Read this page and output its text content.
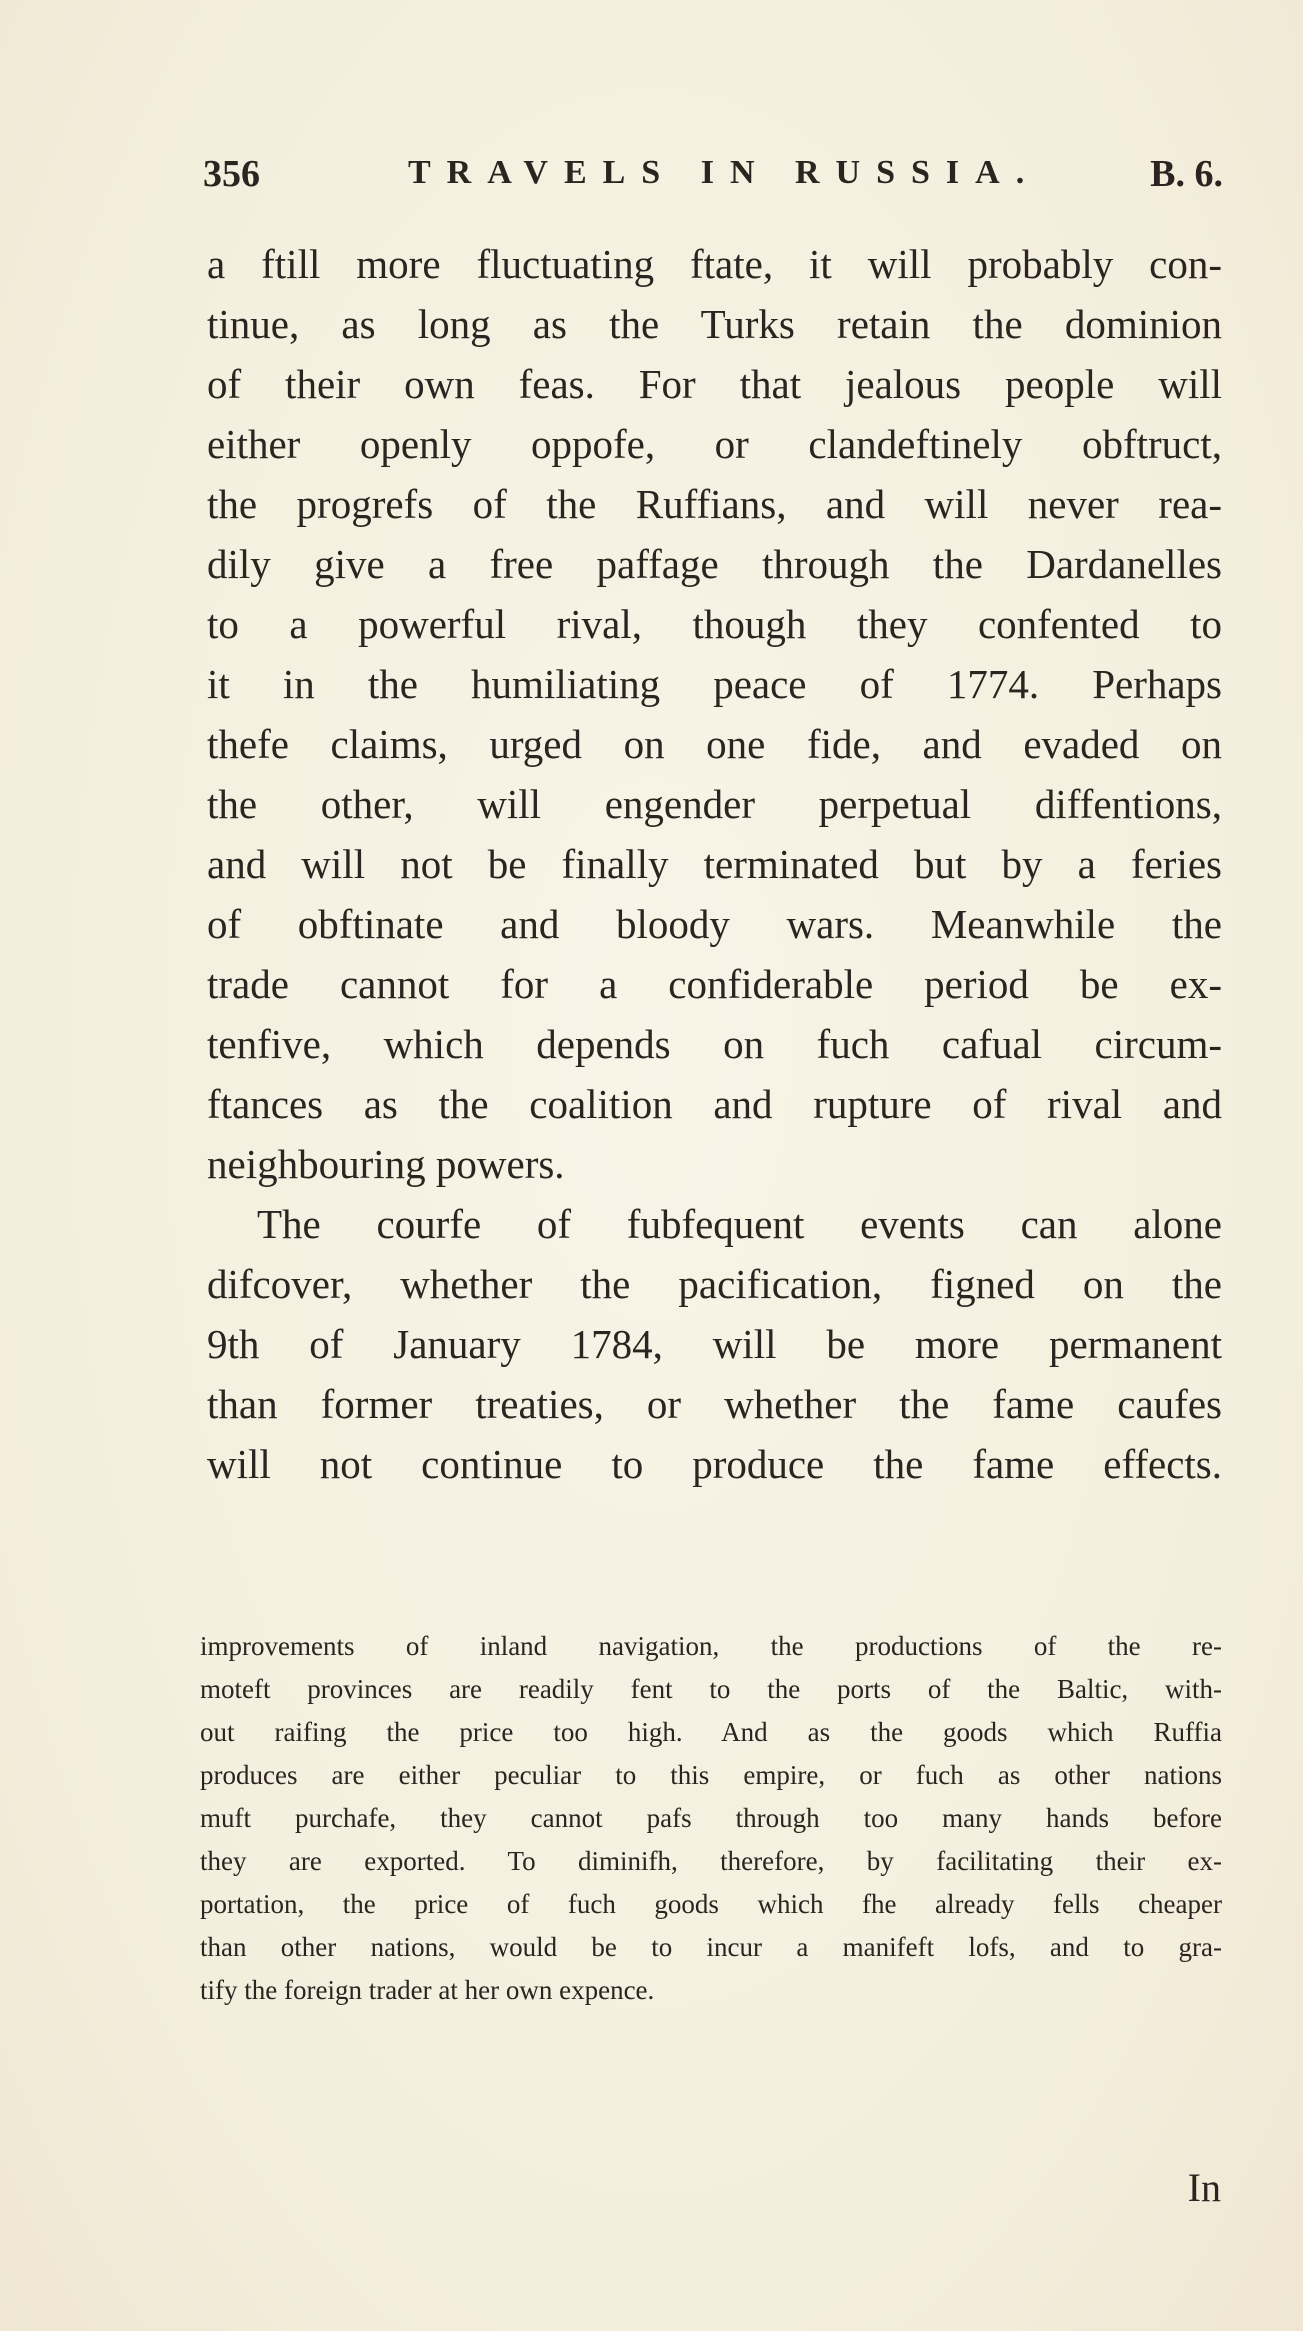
356	TRAVELS IN RUSSIA.	B. 6.
a ftill more fluctuating ftate, it will probably con-
tinue, as long as the Turks retain the dominion
of their own feas. For that jealous people will
either openly oppofe, or clandeftinely obftruct,
the progrefs of the Ruffians, and will never rea-
dily give a free paffage through the Dardanelles
to a powerful rival, though they confented to
it in the humiliating peace of 1774. Perhaps
thefe claims, urged on one fide, and evaded on
the other, will engender perpetual diffentions,
and will not be finally terminated but by a feries
of obftinate and bloody wars. Meanwhile the
trade cannot for a confiderable period be ex-
tenfive, which depends on fuch cafual circum-
ftances as the coalition and rupture of rival and
neighbouring powers.
The courfe of fubfequent events can alone
difcover, whether the pacification, figned on the
9th of January 1784, will be more permanent
than former treaties, or whether the fame caufes
will not continue to produce the fame effects.
improvements of inland navigation, the productions of the re-
moteft provinces are readily fent to the ports of the Baltic, with-
out raifing the price too high. And as the goods which Ruffia
produces are either peculiar to this empire, or fuch as other nations
muft purchafe, they cannot pafs through too many hands before
they are exported. To diminifh, therefore, by facilitating their ex-
portation, the price of fuch goods which fhe already fells cheaper
than other nations, would be to incur a manifeft lofs, and to gra-
tify the foreign trader at her own expence.
In
